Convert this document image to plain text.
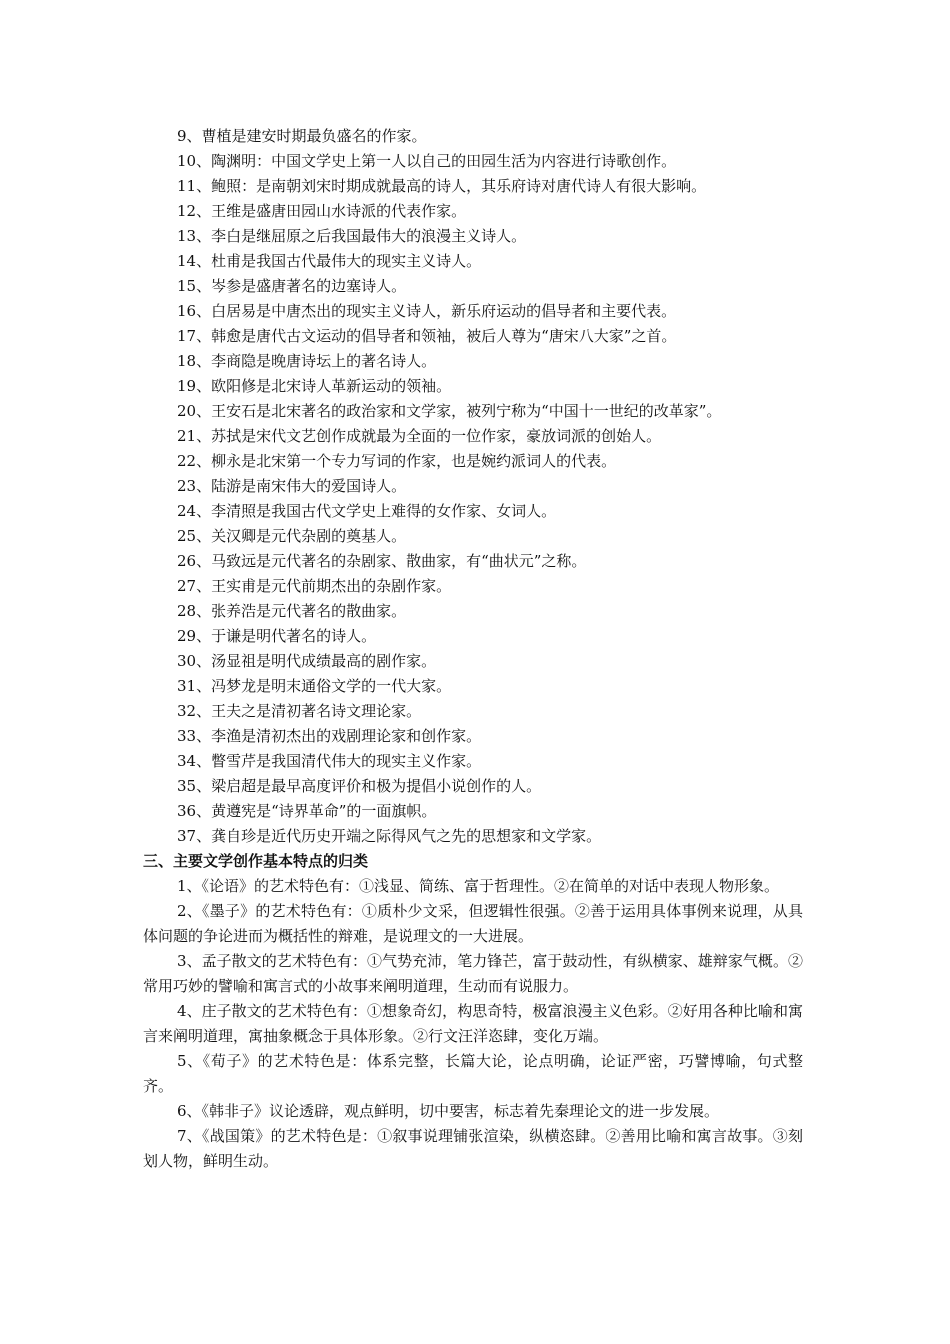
9、曹植是建安时期最负盛名的作家。
10、陶渊明：中国文学史上第一人以自己的田园生活为内容进行诗歌创作。
11、鲍照：是南朝刘宋时期成就最高的诗人，其乐府诗对唐代诗人有很大影响。
12、王维是盛唐田园山水诗派的代表作家。
13、李白是继屈原之后我国最伟大的浪漫主义诗人。
14、杜甫是我国古代最伟大的现实主义诗人。
15、岑参是盛唐著名的边塞诗人。
16、白居易是中唐杰出的现实主义诗人，新乐府运动的倡导者和主要代表。
17、韩愈是唐代古文运动的倡导者和领袖，被后人尊为“唐宋八大家”之首。
18、李商隐是晚唐诗坛上的著名诗人。
19、欧阳修是北宋诗人革新运动的领袖。
20、王安石是北宋著名的政治家和文学家，被列宁称为“中国十一世纪的改革家”。
21、苏拭是宋代文艺创作成就最为全面的一位作家，豪放词派的创始人。
22、柳永是北宋第一个专力写词的作家，也是婉约派词人的代表。
23、陆游是南宋伟大的爱国诗人。
24、李清照是我国古代文学史上难得的女作家、女词人。
25、关汉卿是元代杂剧的奠基人。
26、马致远是元代著名的杂剧家、散曲家，有“曲状元”之称。
27、王实甫是元代前期杰出的杂剧作家。
28、张养浩是元代著名的散曲家。
29、于谦是明代著名的诗人。
30、汤显祖是明代成绩最高的剧作家。
31、冯梦龙是明末通俗文学的一代大家。
32、王夫之是清初著名诗文理论家。
33、李渔是清初杰出的戏剧理论家和创作家。
34、瞥雪芹是我国清代伟大的现实主义作家。
35、梁启超是最早高度评价和极为提倡小说创作的人。
36、黄遵宪是“诗界革命”的一面旗帜。
37、龚自珍是近代历史开端之际得风气之先的思想家和文学家。
三、主要文学创作基本特点的归类

1、《论语》的艺术特色有：①浅显、简练、富于哲理性。②在简单的对话中表现人物形象。

2、《墨子》的艺术特色有：①质朴少文采，但逻辑性很强。②善于运用具体事例来说理，从具体问题的争论进而为概括性的辩难，是说理文的一大进展。

3、孟子散文的艺术特色有：①气势充沛，笔力锋芒，富于鼓动性，有纵横家、雄辩家气概。②常用巧妙的譬喻和寓言式的小故事来阐明道理，生动而有说服力。

4、庄子散文的艺术特色有：①想象奇幻，构思奇特，极富浪漫主义色彩。②好用各种比喻和寓言来阐明道理，寓抽象概念于具体形象。②行文汪洋恣肆，变化万端。

5、《荀子》的艺术特色是：体系完整，长篇大论，论点明确，论证严密，巧譬博喻，句式整齐。

6、《韩非子》议论透辟，观点鲜明，切中要害，标志着先秦理论文的进一步发展。

7、《战国策》的艺术特色是：①叙事说理铺张渲染，纵横恣肆。②善用比喻和寓言故事。③刻划人物，鲜明生动。
